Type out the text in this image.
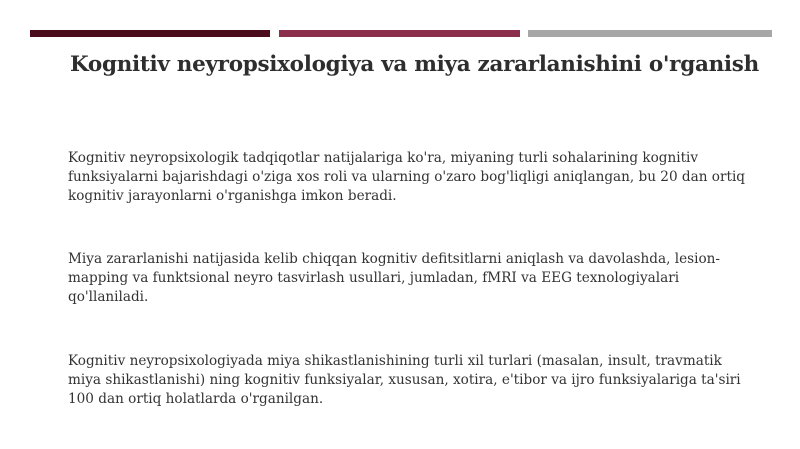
Kognitiv neyropsixologiya va miya zararlanishini o'rganish

Kognitiv neyropsixologik tadqiqotlar natijalariga ko'ra, miyaning turli sohalarining kognitiv funksiyalarni bajarishdagi o'ziga xos roli va ularning o'zaro bog'liqligi aniqlangan, bu 20 dan ortiq kognitiv jarayonlarni o'rganishga imkon beradi.

Miya zararlanishi natijasida kelib chiqqan kognitiv defitsitlarni aniqlash va davolashda, lesion-mapping va funktsional neyro tasvirlash usullari, jumladan, fMRI va EEG texnologiyalari qo'llaniladi.

Kognitiv neyropsixologiyada miya shikastlanishining turli xil turlari (masalan, insult, travmatik miya shikastlanishi) ning kognitiv funksiyalar, xususan, xotira, e'tibor va ijro funksiyalariga ta'siri 100 dan ortiq holatlarda o'rganilgan.
